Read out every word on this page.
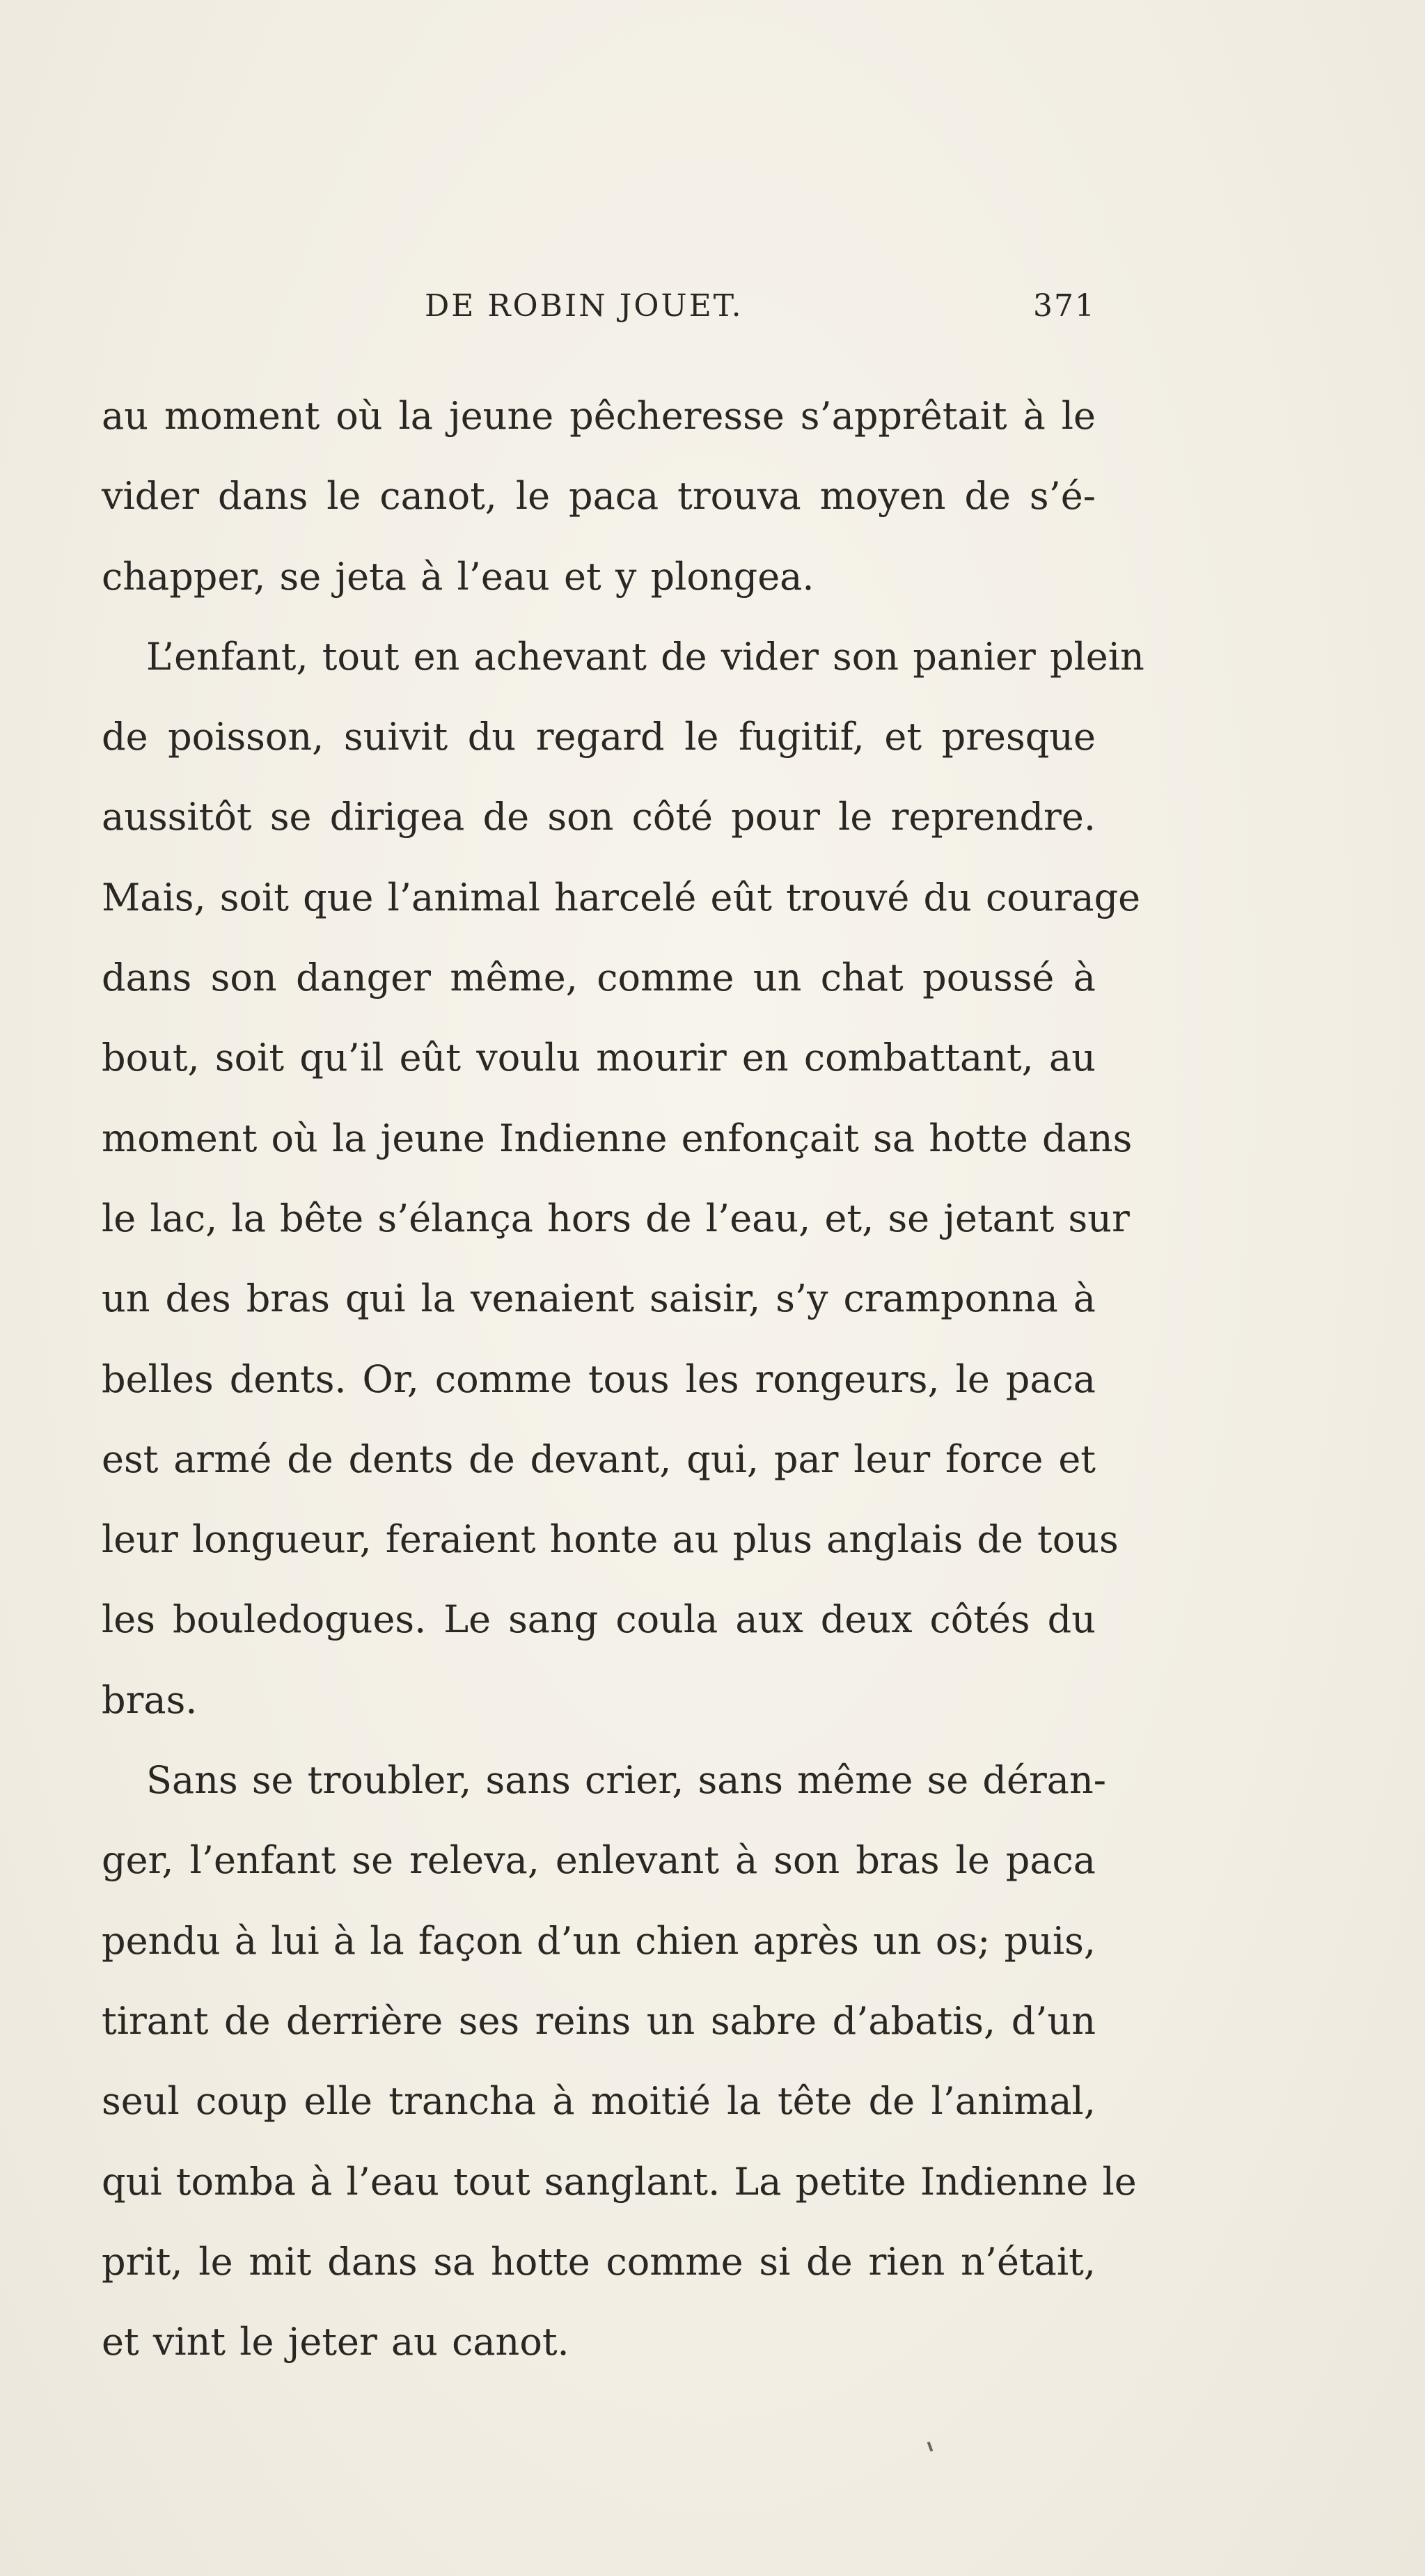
DE ROBIN JOUET.	371
au moment où la jeune pêcheresse s’apprêtait à le
vider dans le canot, le paca trouva moyen de s’é-
chapper, se jeta à l’eau et y plongea.
L’enfant, tout en achevant de vider son panier plein
de poisson, suivit du regard le fugitif, et presque
aussitôt se dirigea de son côté pour le reprendre.
Mais, soit que l’animal harcelé eût trouvé du courage
dans son danger même, comme un chat poussé à
bout, soit qu’il eût voulu mourir en combattant, au
moment où la jeune Indienne enfonçait sa hotte dans
le lac, la bête s’élança hors de l’eau, et, se jetant sur
un des bras qui la venaient saisir, s’y cramponna à
belles dents. Or, comme tous les rongeurs, le paca
est armé de dents de devant, qui, par leur force et
leur longueur, feraient honte au plus anglais de tous
les bouledogues. Le sang coula aux deux côtés du
bras.
Sans se troubler, sans crier, sans même se déran-
ger, l’enfant se releva, enlevant à son bras le paca
pendu à lui à la façon d’un chien après un os; puis,
tirant de derrière ses reins un sabre d’abatis, d’un
seul coup elle trancha à moitié la tête de l’animal,
qui tomba à l’eau tout sanglant. La petite Indienne le
prit, le mit dans sa hotte comme si de rien n’était,
et vint le jeter au canot.
